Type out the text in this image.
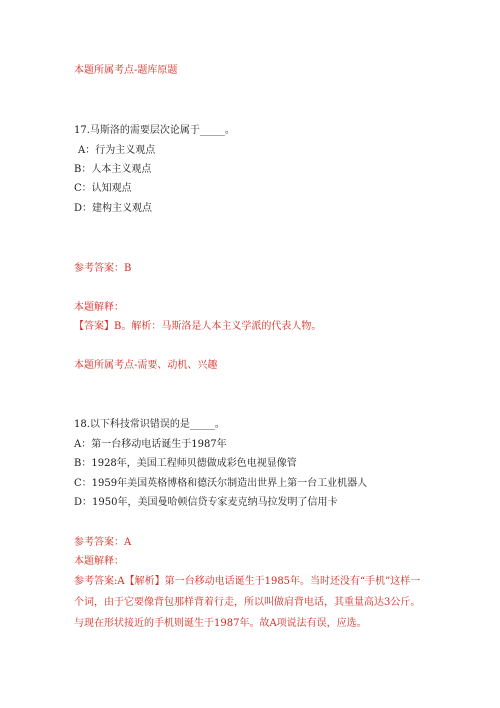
本题所属考点-题库原题
17.马斯洛的需要层次论属于_____。
A：行为主义观点
B：人本主义观点
C：认知观点
D：建构主义观点
参考答案：B
本题解释：
【答案】B。解析：马斯洛是人本主义学派的代表人物。
本题所属考点-需要、动机、兴趣
18.以下科技常识错误的是_____。
A：第一台移动电话诞生于1987年
B：1928年，美国工程师贝德做成彩色电视显像管
C：1959年美国英格博格和德沃尔制造出世界上第一台工业机器人
D：1950年，美国曼哈顿信贷专家麦克纳马拉发明了信用卡
参考答案：A
本题解释：
参考答案:A【解析】第一台移动电话诞生于1985年。当时还没有“手机”这样一个词，由于它要像背包那样背着行走，所以叫做肩背电话，其重量高达3公斤。与现在形状接近的手机则诞生于1987年。故A项说法有误，应选。
